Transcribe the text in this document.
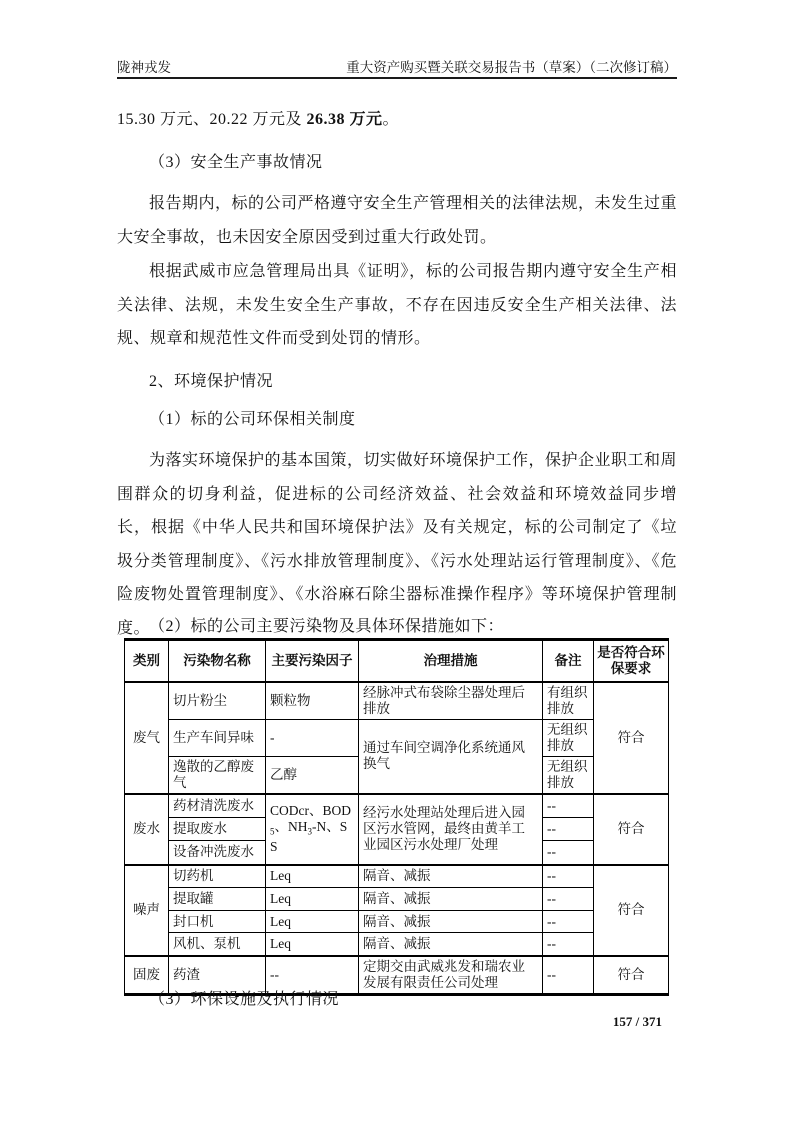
陇神戎发	重大资产购买暨关联交易报告书（草案）（二次修订稿）
15.30 万元、20.22 万元及 26.38 万元。
（3）安全生产事故情况
报告期内，标的公司严格遵守安全生产管理相关的法律法规，未发生过重大安全事故，也未因安全原因受到过重大行政处罚。
根据武威市应急管理局出具《证明》，标的公司报告期内遵守安全生产相关法律、法规，未发生安全生产事故，不存在因违反安全生产相关法律、法规、规章和规范性文件而受到处罚的情形。
2、环境保护情况
（1）标的公司环保相关制度
为落实环境保护的基本国策，切实做好环境保护工作，保护企业职工和周围群众的切身利益，促进标的公司经济效益、社会效益和环境效益同步增长，根据《中华人民共和国环境保护法》及有关规定，标的公司制定了《垃圾分类管理制度》、《污水排放管理制度》、《污水处理站运行管理制度》、《危险废物处置管理制度》、《水浴麻石除尘器标准操作程序》等环境保护管理制度。
（2）标的公司主要污染物及具体环保措施如下：
类别	污染物名称	主要污染因子	治理措施	备注	是否符合环保要求
废气	切片粉尘	颗粒物	经脉冲式布袋除尘器处理后排放	有组织排放	符合
	生产车间异味	-	通过车间空调净化系统通风换气	无组织排放	
	逸散的乙醇废气	乙醇		无组织排放	
废水	药材清洗废水	CODcr、$BOD_5$、$NH_3-N$、SS	经污水处理站处理后进入园区污水管网，最终由黄羊工业园区污水处理厂处理	--	符合
	提取废水			--	
	设备冲洗废水			--	
噪声	切药机	Leq	隔音、减振	--	符合
	提取罐	Leq	隔音、减振	--	
	封口机	Leq	隔音、减振	--	
	风机、泵机	Leq	隔音、减振	--	
固废	药渣	--	定期交由武威兆发和瑞农业发展有限责任公司处理	--	符合
（3）环保设施及执行情况
157 / 371
